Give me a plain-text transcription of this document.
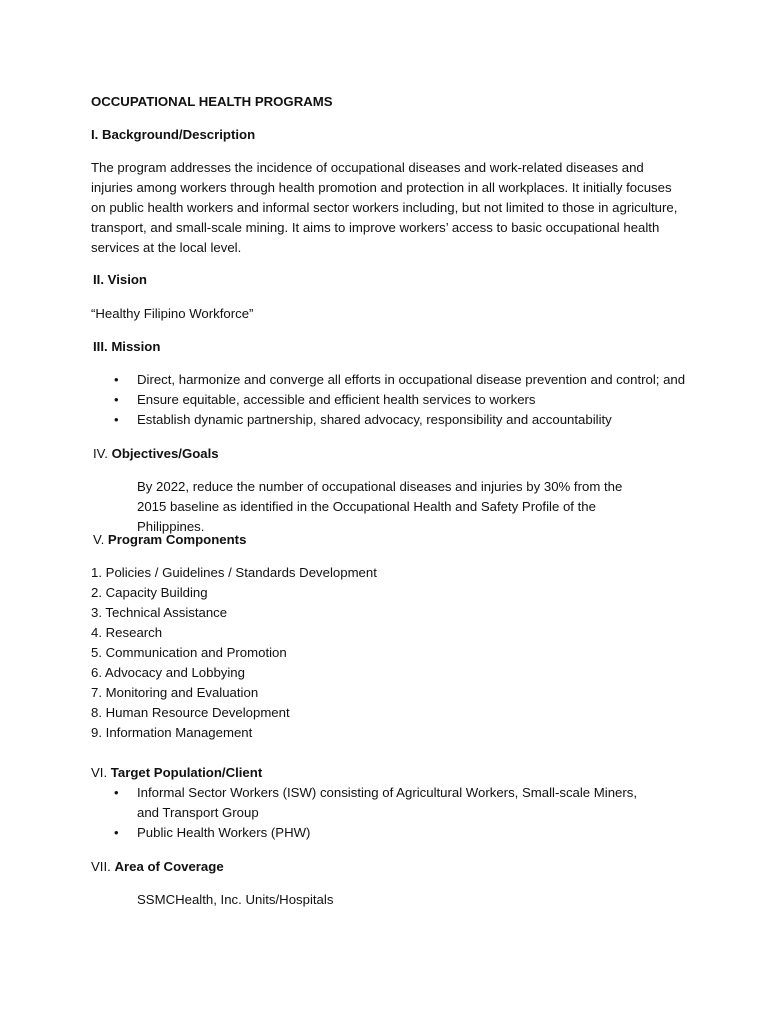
OCCUPATIONAL HEALTH PROGRAMS
I. Background/Description
The program addresses the incidence of occupational diseases and work-related diseases and injuries among workers through health promotion and protection in all workplaces. It initially focuses on public health workers and informal sector workers including, but not limited to those in agriculture, transport, and small-scale mining. It aims to improve workers’ access to basic occupational health services at the local level.
II. Vision
“Healthy Filipino Workforce”
III. Mission
• Direct, harmonize and converge all efforts in occupational disease prevention and control; and
• Ensure equitable, accessible and efficient health services to workers
• Establish dynamic partnership, shared advocacy, responsibility and accountability
IV. Objectives/Goals
By 2022, reduce the number of occupational diseases and injuries by 30% from the 2015 baseline as identified in the Occupational Health and Safety Profile of the Philippines.
V. Program Components
1. Policies / Guidelines / Standards Development
2. Capacity Building
3. Technical Assistance
4. Research
5. Communication and Promotion
6. Advocacy and Lobbying
7. Monitoring and Evaluation
8. Human Resource Development
9. Information Management
VI. Target Population/Client
• Informal Sector Workers (ISW) consisting of Agricultural Workers, Small-scale Miners, and Transport Group
• Public Health Workers (PHW)
VII. Area of Coverage
SSMCHealth, Inc. Units/Hospitals
